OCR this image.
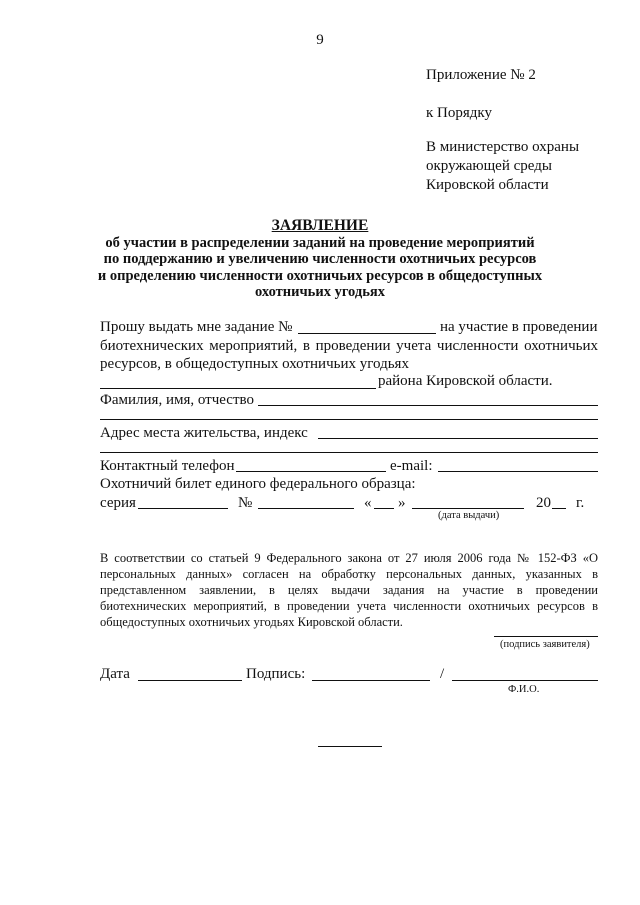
9
Приложение № 2
к Порядку
В министерство охраны
окружающей среды
Кировской области
ЗАЯВЛЕНИЕ
об участии в распределении заданий на проведение мероприятий
по поддержанию и увеличению численности охотничьих ресурсов
и определению численности охотничьих ресурсов в общедоступных
охотничьих угодьях
Прошу выдать мне задание №	на участие в проведении
биотехнических мероприятий, в проведении учета численности охотничьих
ресурсов, в общедоступных охотничьих угодьях
района Кировской области.
Фамилия, имя, отчество
Адрес места жительства, индекс
Контактный телефон	e-mail:
Охотничий билет единого федерального образца:
серия	№	« »	20 г.
(дата выдачи)
В соответствии со статьей 9 Федерального закона от 27 июля 2006 года № 152-ФЗ «О персональных данных» согласен на обработку персональных данных, указанных в представленном заявлении, в целях выдачи задания на участие в проведении биотехнических мероприятий, в проведении учета численности охотничьих ресурсов в общедоступных охотничьих угодьях Кировской области.
(подпись заявителя)
Дата	Подпись:	/
Ф.И.О.
